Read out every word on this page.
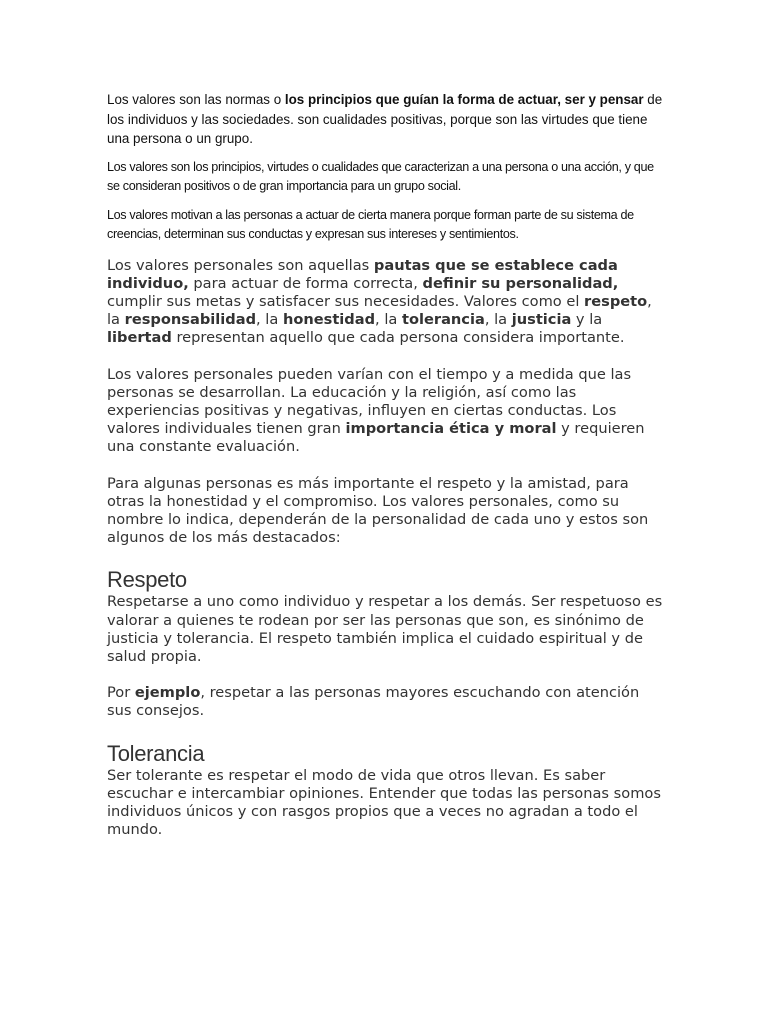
Los valores son las normas o los principios que guían la forma de actuar, ser y pensar de los individuos y las sociedades. son cualidades positivas, porque son las virtudes que tiene una persona o un grupo.

Los valores son los principios, virtudes o cualidades que caracterizan a una persona o una acción, y que se consideran positivos o de gran importancia para un grupo social.

Los valores motivan a las personas a actuar de cierta manera porque forman parte de su sistema de creencias, determinan sus conductas y expresan sus intereses y sentimientos.

Los valores personales son aquellas pautas que se establece cada individuo, para actuar de forma correcta, definir su personalidad, cumplir sus metas y satisfacer sus necesidades. Valores como el respeto, la responsabilidad, la honestidad, la tolerancia, la justicia y la libertad representan aquello que cada persona considera importante.

Los valores personales pueden varían con el tiempo y a medida que las personas se desarrollan. La educación y la religión, así como las experiencias positivas y negativas, influyen en ciertas conductas. Los valores individuales tienen gran importancia ética y moral y requieren una constante evaluación.

Para algunas personas es más importante el respeto y la amistad, para otras la honestidad y el compromiso. Los valores personales, como su nombre lo indica, dependerán de la personalidad de cada uno y estos son algunos de los más destacados:

Respeto

Respetarse a uno como individuo y respetar a los demás. Ser respetuoso es valorar a quienes te rodean por ser las personas que son, es sinónimo de justicia y tolerancia. El respeto también implica el cuidado espiritual y de salud propia.

Por ejemplo, respetar a las personas mayores escuchando con atención sus consejos.

Tolerancia

Ser tolerante es respetar el modo de vida que otros llevan. Es saber escuchar e intercambiar opiniones. Entender que todas las personas somos individuos únicos y con rasgos propios que a veces no agradan a todo el mundo.
